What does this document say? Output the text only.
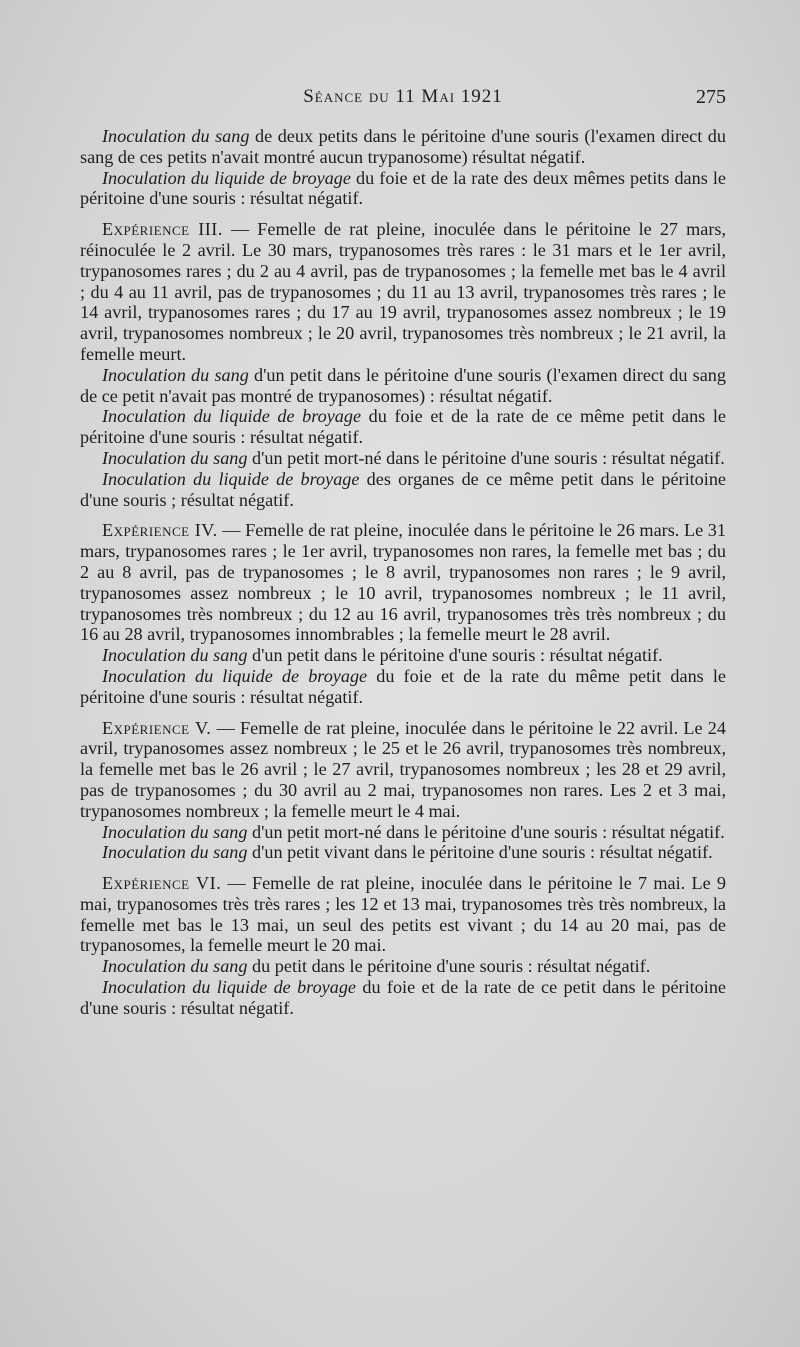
Séance du 11 Mai 1921	275

Inoculation du sang de deux petits dans le péritoine d'une souris (l'examen direct du sang de ces petits n'avait montré aucun trypanosome) résultat négatif.

Inoculation du liquide de broyage du foie et de la rate des deux mêmes petits dans le péritoine d'une souris : résultat négatif.

Expérience III. — Femelle de rat pleine, inoculée dans le péritoine le 27 mars, réinoculée le 2 avril. Le 30 mars, trypanosomes très rares : le 31 mars et le 1er avril, trypanosomes rares ; du 2 au 4 avril, pas de trypanosomes ; la femelle met bas le 4 avril ; du 4 au 11 avril, pas de trypanosomes ; du 11 au 13 avril, trypanosomes très rares ; le 14 avril, trypanosomes rares ; du 17 au 19 avril, trypanosomes assez nombreux ; le 19 avril, trypanosomes nombreux ; le 20 avril, trypanosomes très nombreux ; le 21 avril, la femelle meurt.

Inoculation du sang d'un petit dans le péritoine d'une souris (l'examen direct du sang de ce petit n'avait pas montré de trypanosomes) : résultat négatif.

Inoculation du liquide de broyage du foie et de la rate de ce même petit dans le péritoine d'une souris : résultat négatif.

Inoculation du sang d'un petit mort-né dans le péritoine d'une souris : résultat négatif.

Inoculation du liquide de broyage des organes de ce même petit dans le péritoine d'une souris ; résultat négatif.

Expérience IV. — Femelle de rat pleine, inoculée dans le péritoine le 26 mars. Le 31 mars, trypanosomes rares ; le 1er avril, trypanosomes non rares, la femelle met bas ; du 2 au 8 avril, pas de trypanosomes ; le 8 avril, trypanosomes non rares ; le 9 avril, trypanosomes assez nombreux ; le 10 avril, trypanosomes nombreux ; le 11 avril, trypanosomes très nombreux ; du 12 au 16 avril, trypanosomes très très nombreux ; du 16 au 28 avril, trypanosomes innombrables ; la femelle meurt le 28 avril.

Inoculation du sang d'un petit dans le péritoine d'une souris : résultat négatif.

Inoculation du liquide de broyage du foie et de la rate du même petit dans le péritoine d'une souris : résultat négatif.

Expérience V. — Femelle de rat pleine, inoculée dans le péritoine le 22 avril. Le 24 avril, trypanosomes assez nombreux ; le 25 et le 26 avril, trypanosomes très nombreux, la femelle met bas le 26 avril ; le 27 avril, trypanosomes nombreux ; les 28 et 29 avril, pas de trypanosomes ; du 30 avril au 2 mai, trypanosomes non rares. Les 2 et 3 mai, trypanosomes nombreux ; la femelle meurt le 4 mai.

Inoculation du sang d'un petit mort-né dans le péritoine d'une souris : résultat négatif.

Inoculation du sang d'un petit vivant dans le péritoine d'une souris : résultat négatif.

Expérience VI. — Femelle de rat pleine, inoculée dans le péritoine le 7 mai. Le 9 mai, trypanosomes très très rares ; les 12 et 13 mai, trypanosomes très très nombreux, la femelle met bas le 13 mai, un seul des petits est vivant ; du 14 au 20 mai, pas de trypanosomes, la femelle meurt le 20 mai.

Inoculation du sang du petit dans le péritoine d'une souris : résultat négatif.

Inoculation du liquide de broyage du foie et de la rate de ce petit dans le péritoine d'une souris : résultat négatif.
